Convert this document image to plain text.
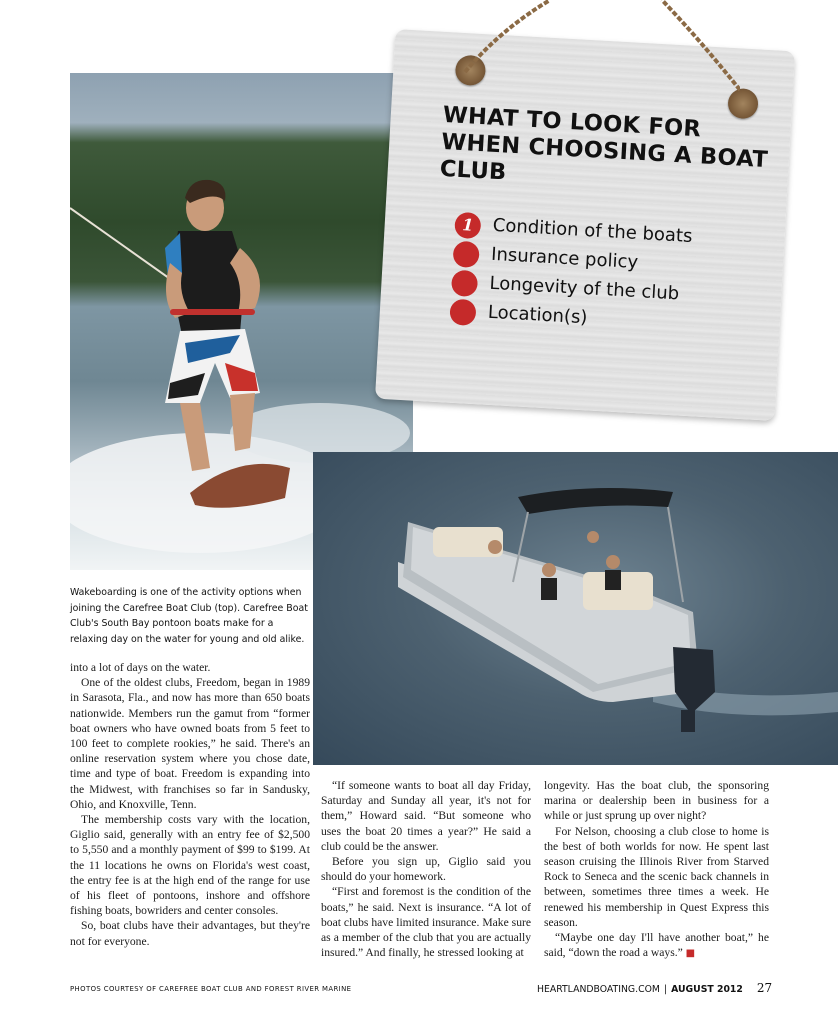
WHAT TO LOOK FOR WHEN CHOOSING A BOAT CLUB
1	Condition of the boats
Insurance policy
Longevity of the club
Location(s)

Wakeboarding is one of the activity options when joining the Carefree Boat Club (top). Carefree Boat Club's South Bay pontoon boats make for a relaxing day on the water for young and old alike.

into a lot of days on the water.

One of the oldest clubs, Freedom, began in 1989 in Sarasota, Fla., and now has more than 650 boats nationwide. Members run the gamut from “former boat owners who have owned boats from 5 feet to 100 feet to complete rookies,” he said. There's an online reservation system where you chose date, time and type of boat. Freedom is expanding into the Midwest, with franchises so far in Sandusky, Ohio, and Knoxville, Tenn.

The membership costs vary with the location, Giglio said, generally with an entry fee of $2,500 to 5,550 and a monthly payment of $99 to $199. At the 11 locations he owns on Florida's west coast, the entry fee is at the high end of the range for use of his fleet of pontoons, inshore and offshore fishing boats, bowriders and center consoles.

So, boat clubs have their advantages, but they're not for everyone.

“If someone wants to boat all day Friday, Saturday and Sunday all year, it's not for them,” Howard said. “But someone who uses the boat 20 times a year?” He said a club could be the answer.

Before you sign up, Giglio said you should do your homework.

“First and foremost is the condition of the boats,” he said. Next is insurance. “A lot of boat clubs have limited insurance. Make sure as a member of the club that you are actually insured.” And finally, he stressed looking at

longevity. Has the boat club, the sponsoring marina or dealership been in business for a while or just sprung up over night?

For Nelson, choosing a club close to home is the best of both worlds for now. He spent last season cruising the Illinois River from Starved Rock to Seneca and the scenic back channels in between, sometimes three times a week. He renewed his membership in Quest Express this season.

“Maybe one day I'll have another boat,” he said, “down the road a ways.” ■

PHOTOS COURTESY OF CAREFREE BOAT CLUB AND FOREST RIVER MARINE	HEARTLANDBOATING.COM | AUGUST 2012 27
